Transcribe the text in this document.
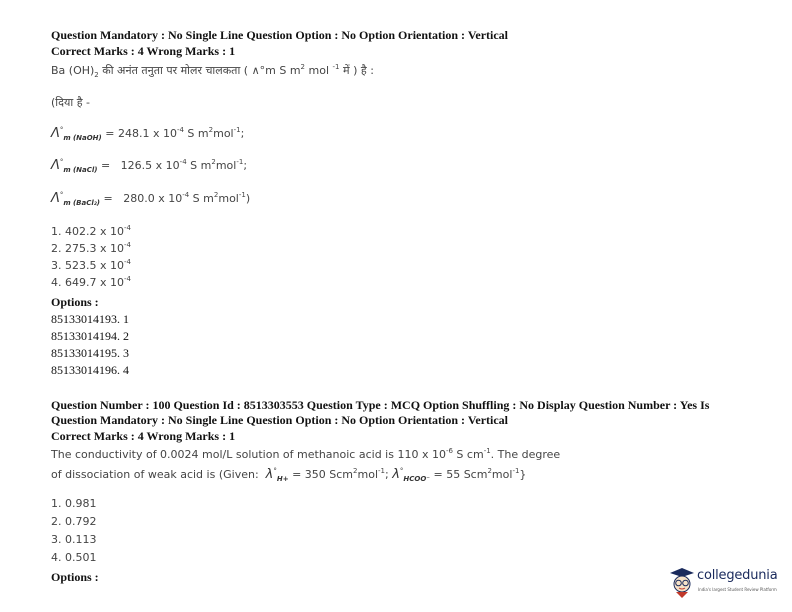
Question Mandatory : No Single Line Question Option : No Option Orientation : Vertical
Correct Marks : 4 Wrong Marks : 1
Ba $(OH)_2$ की अनंत तनुता पर मोलर चालकता ( ∧°m S $m^2$ mol $^{-1}$ में ) है :
(दिया है -
$\Lambda^\circ_{m (NaOH)} = 248.1$ x $10^{-4}$ S $m^2mol^{-1}$;
$\Lambda^\circ_{m (NaCl)} = 126.5$ x $10^{-4}$ S $m^2mol^{-1}$;
$\Lambda^\circ_{m (BaCl_2)} = 280.0$ x $10^{-4}$ S $m^2mol^{-1}$)
1. 402.2 x $10^{-4}$
2. 275.3 x $10^{-4}$
3. 523.5 x $10^{-4}$
4. 649.7 x $10^{-4}$
Options :
85133014193. 1
85133014194. 2
85133014195. 3
85133014196. 4
Question Number : 100 Question Id : 8513303553 Question Type : MCQ Option Shuffling : No Display Question Number : Yes Is
Question Mandatory : No Single Line Question Option : No Option Orientation : Vertical
Correct Marks : 4 Wrong Marks : 1
The conductivity of 0.0024 mol/L solution of methanoic acid is 110 x $10^{-6}$ S $cm^{-1}$. The degree
of dissociation of weak acid is (Given:  $\lambda^\circ_{H+} = 350$ Scm$^2$mol$^{-1}$; $\lambda^\circ_{HCOO^-} = 55$ Scm$^2$mol$^{-1}$}
1. 0.981
2. 0.792
3. 0.113
4. 0.501
Options :	collegedunia
India's largest Student Review Platform
